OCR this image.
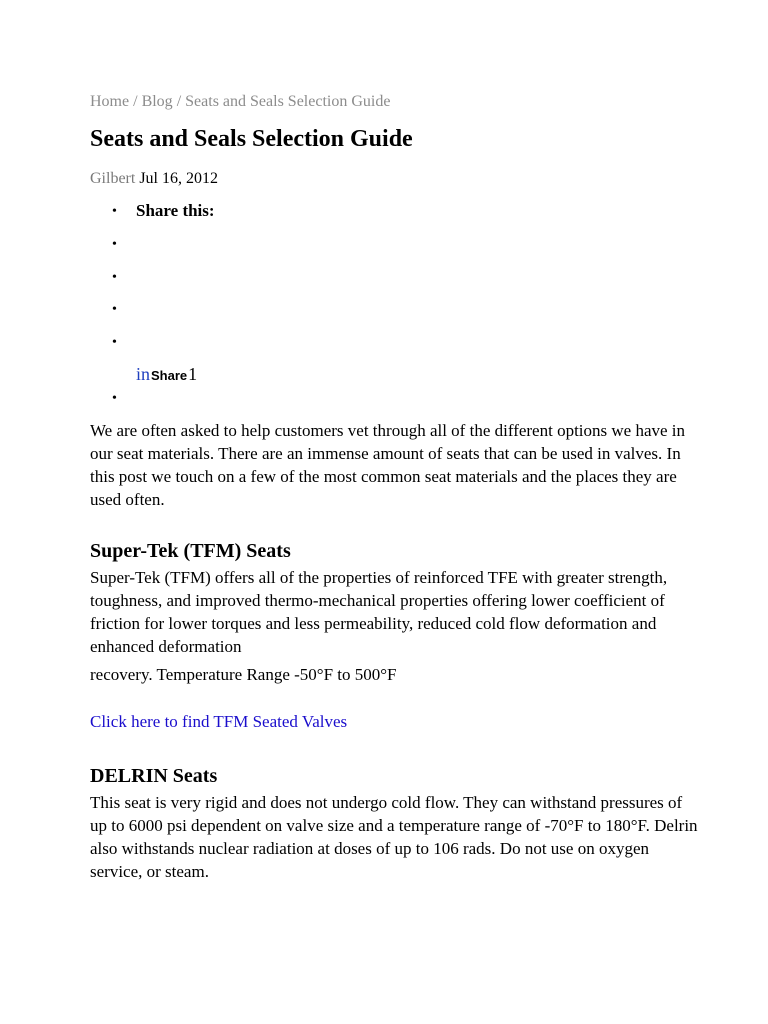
Home / Blog / Seats and Seals Selection Guide
Seats and Seals Selection Guide
Gilbert Jul 16, 2012
•
•
•
•
•
•
Share this:
in Share 1

We are often asked to help customers vet through all of the different options we have in our seat materials. There are an immense amount of seats that can be used in valves. In this post we touch on a few of the most common seat materials and the places they are used often.

Super-Tek (TFM) Seats

Super-Tek (TFM) offers all of the properties of reinforced TFE with greater strength, toughness, and improved thermo-mechanical properties offering lower coefficient of friction for lower torques and less permeability, reduced cold flow deformation and enhanced deformation

recovery. Temperature Range -50°F to 500°F

Click here to find TFM Seated Valves
DELRIN Seats

This seat is very rigid and does not undergo cold flow. They can withstand pressures of up to 6000 psi dependent on valve size and a temperature range of -70°F to 180°F. Delrin also withstands nuclear radiation at doses of up to 106 rads. Do not use on oxygen service, or steam.
